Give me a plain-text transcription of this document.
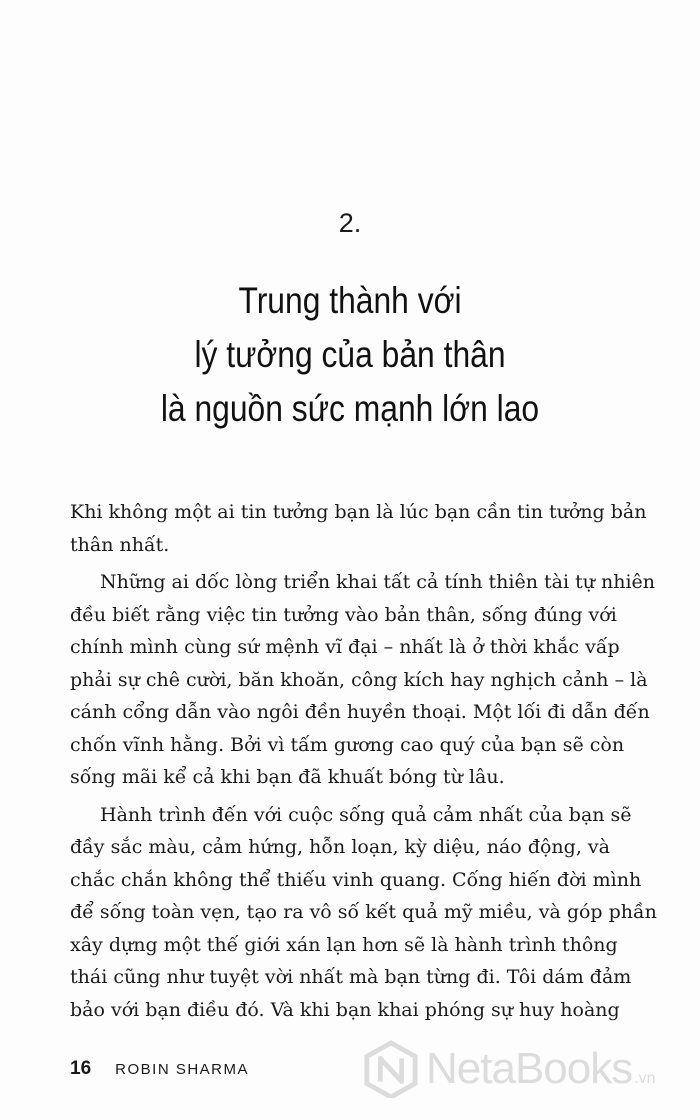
2.
Trung thành với
lý tưởng của bản thân
là nguồn sức mạnh lớn lao
Khi không một ai tin tưởng bạn là lúc bạn cần tin tưởng bản
thân nhất.
Những ai dốc lòng triển khai tất cả tính thiên tài tự nhiên
đều biết rằng việc tin tưởng vào bản thân, sống đúng với
chính mình cùng sứ mệnh vĩ đại – nhất là ở thời khắc vấp
phải sự chê cười, băn khoăn, công kích hay nghịch cảnh – là
cánh cổng dẫn vào ngôi đền huyền thoại. Một lối đi dẫn đến
chốn vĩnh hằng. Bởi vì tấm gương cao quý của bạn sẽ còn
sống mãi kể cả khi bạn đã khuất bóng từ lâu.
Hành trình đến với cuộc sống quả cảm nhất của bạn sẽ
đầy sắc màu, cảm hứng, hỗn loạn, kỳ diệu, náo động, và
chắc chắn không thể thiếu vinh quang. Cống hiến đời mình
để sống toàn vẹn, tạo ra vô số kết quả mỹ miều, và góp phần
xây dựng một thế giới xán lạn hơn sẽ là hành trình thông
thái cũng như tuyệt vời nhất mà bạn từng đi. Tôi dám đảm
bảo với bạn điều đó. Và khi bạn khai phóng sự huy hoàng
16 ROBIN SHARMA	NetaBooks .vn
